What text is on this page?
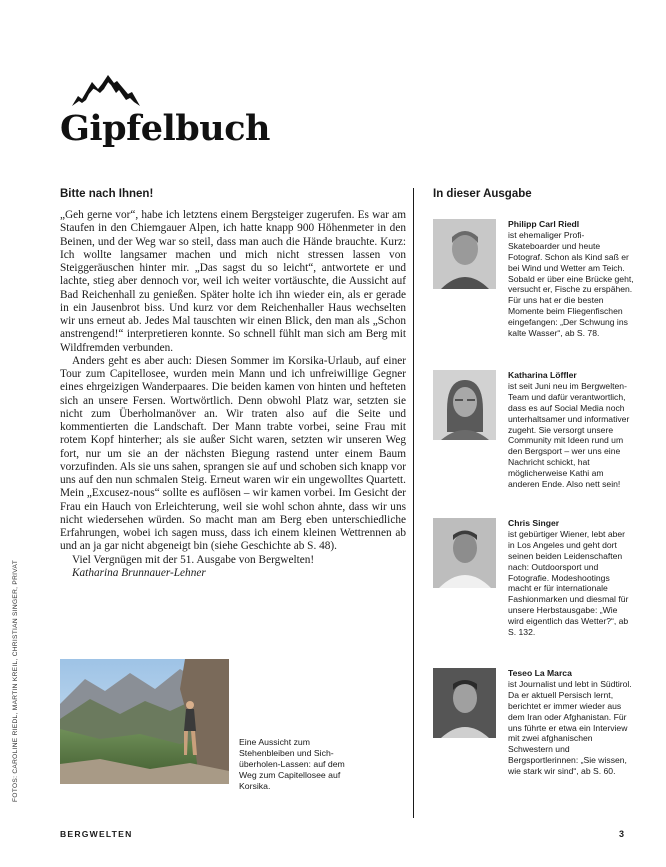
Gipfelbuch
Bitte nach Ihnen!

„Geh gerne vor“, habe ich letztens einem Bergsteiger zugerufen. Es war am Staufen in den Chiemgauer Alpen, ich hatte knapp 900 Höhenmeter in den Beinen, und der Weg war so steil, dass man auch die Hände brauchte. Kurz: Ich wollte langsamer machen und mich nicht stressen lassen von Steiggeräuschen hinter mir. „Das sagst du so leicht“, antwortete er und lachte, stieg aber dennoch vor, weil ich weiter vortäuschte, die Aussicht auf Bad Reichenhall zu genießen. Später holte ich ihn wieder ein, als er gerade in ein Jausenbrot biss. Und kurz vor dem Reichenhaller Haus wechselten wir uns erneut ab. Jedes Mal tauschten wir einen Blick, den man als „Schon anstrengend!“ interpretieren konnte. So schnell fühlt man sich am Berg mit Wildfremden verbunden.

Anders geht es aber auch: Diesen Sommer im Korsika-Urlaub, auf einer Tour zum Capitellosee, wurden mein Mann und ich unfreiwillige Gegner eines ehrgeizigen Wanderpaares. Die beiden kamen von hinten und hefteten sich an unsere Fersen. Wortwörtlich. Denn obwohl Platz war, setzten sie nicht zum Überholmanöver an. Wir traten also auf die Seite und kommentierten die Landschaft. Der Mann trabte vorbei, seine Frau mit rotem Kopf hinterher; als sie außer Sicht waren, setzten wir unseren Weg fort, nur um sie an der nächsten Biegung rastend unter einem Baum vorzufinden. Als sie uns sahen, sprangen sie auf und schoben sich knapp vor uns auf den nun schmalen Steig. Erneut waren wir ein ungewolltes Quartett. Mein „Excusez-nous“ sollte es auflösen – wir kamen vorbei. Im Gesicht der Frau ein Hauch von Erleichterung, weil sie wohl schon ahnte, dass wir uns nicht wiedersehen würden. So macht man am Berg eben unterschiedliche Erfahrungen, wobei ich sagen muss, dass ich einem kleinen Wettrennen ab und an ja gar nicht abgeneigt bin (siehe Geschichte ab S. 48).

Viel Vergnügen mit der 51. Ausgabe von Bergwelten!

Katharina Brunnauer-Lehner

Eine Aussicht zum Stehenbleiben und Sich-überholen-Lassen: auf dem Weg zum Capitellosee auf Korsika.
FOTOS: CAROLINE RIEDL, MARTIN KREIL, CHRISTIAN SINGER, PRIVAT
In dieser Ausgabe
Philipp Carl Riedl
ist ehemaliger Profi-Skateboarder und heute Fotograf. Schon als Kind saß er bei Wind und Wetter am Teich. Sobald er über eine Brücke geht, versucht er, Fische zu erspähen. Für uns hat er die besten Momente beim Fliegenfischen eingefangen: „Der Schwung ins kalte Wasser“, ab S. 78.
Katharina Löffler
ist seit Juni neu im Bergwelten-Team und dafür verantwortlich, dass es auf Social Media noch unterhaltsamer und informativer zugeht. Sie versorgt unsere Community mit Ideen rund um den Bergsport – wer uns eine Nachricht schickt, hat möglicherweise Kathi am anderen Ende. Also nett sein!
Chris Singer
ist gebürtiger Wiener, lebt aber in Los Angeles und geht dort seinen beiden Leidenschaften nach: Outdoorsport und Fotografie. Modeshootings macht er für internationale Fashionmarken und diesmal für unsere Herbstausgabe: „Wie wird eigentlich das Wetter?“, ab S. 132.
Teseo La Marca
ist Journalist und lebt in Südtirol. Da er aktuell Persisch lernt, berichtet er immer wieder aus dem Iran oder Afghanistan. Für uns führte er etwa ein Interview mit zwei afghanischen Schwestern und Bergsportlerinnen: „Sie wissen, wie stark wir sind“, ab S. 60.
BERGWELTEN	3
